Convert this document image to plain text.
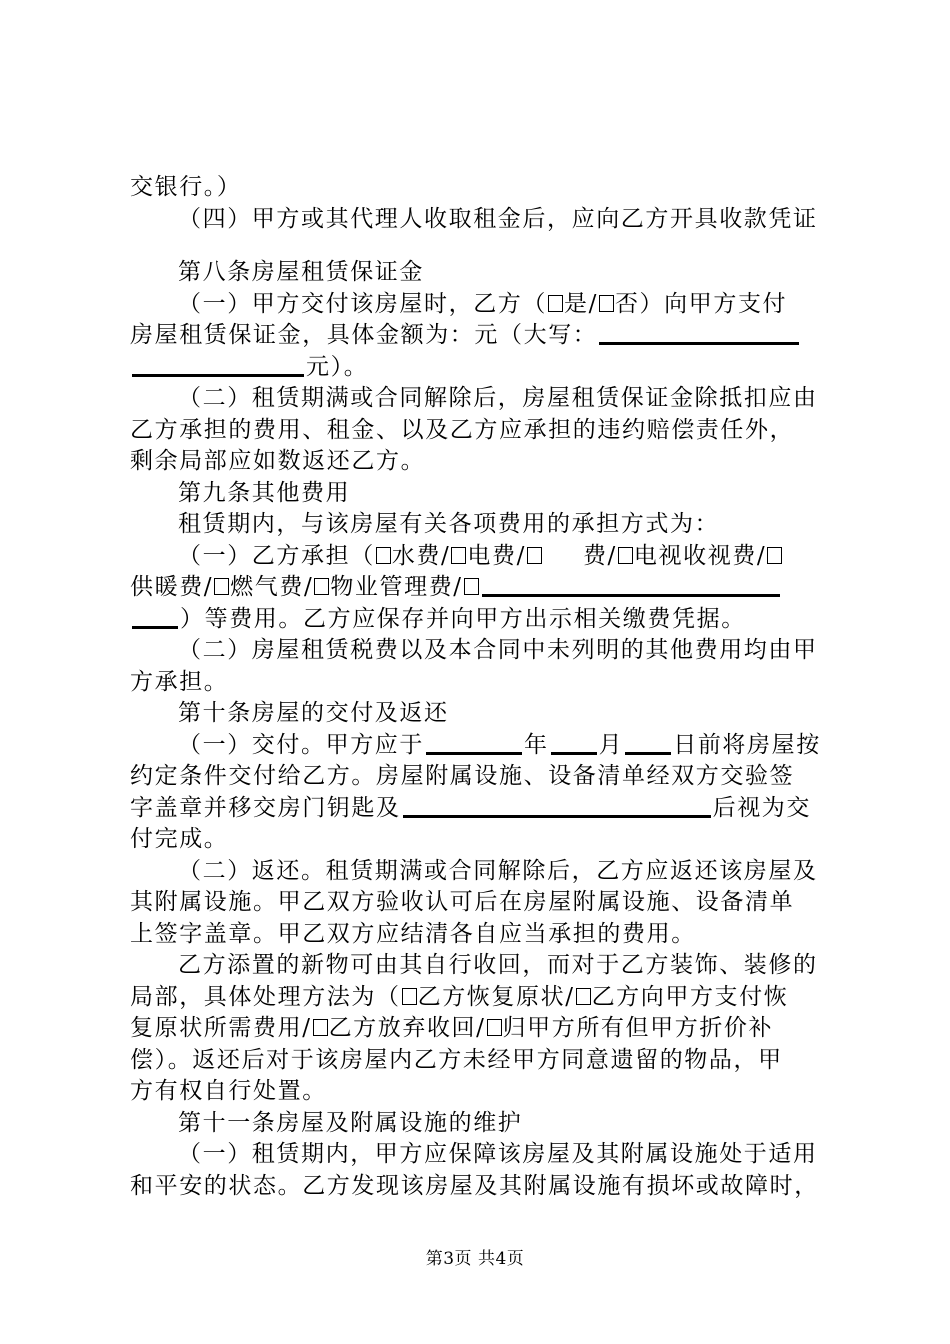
交银行。）
（四）甲方或其代理人收取租金后，应向乙方开具收款凭证
第八条房屋租赁保证金
（一）甲方交付该房屋时，乙方（ 是/ 否）向甲方支付
房屋租赁保证金，具体金额为：元（大写：
元）。
（二）租赁期满或合同解除后，房屋租赁保证金除抵扣应由
乙方承担的费用、租金、以及乙方应承担的违约赔偿责任外，
剩余局部应如数返还乙方。
第九条其他费用
租赁期内，与该房屋有关各项费用的承担方式为：
（一）乙方承担（ 水费/ 电费/ 费/ 电视收视费/
供暖费/ 燃气费/ 物业管理费/
）等费用。乙方应保存并向甲方出示相关缴费凭据。
（二）房屋租赁税费以及本合同中未列明的其他费用均由甲
方承担。
第十条房屋的交付及返还
（一）交付。甲方应于	年 月 日前将房屋按
约定条件交付给乙方。房屋附属设施、设备清单经双方交验签
字盖章并移交房门钥匙及	后视为交
付完成。
（二）返还。租赁期满或合同解除后，乙方应返还该房屋及
其附属设施。甲乙双方验收认可后在房屋附属设施、设备清单
上签字盖章。甲乙双方应结清各自应当承担的费用。
乙方添置的新物可由其自行收回，而对于乙方装饰、装修的
局部，具体处理方法为（ 乙方恢复原状/ 乙方向甲方支付恢
复原状所需费用/ 乙方放弃收回/ 归甲方所有但甲方折价补
偿）。返还后对于该房屋内乙方未经甲方同意遗留的物品，甲
方有权自行处置。
第十一条房屋及附属设施的维护
（一）租赁期内，甲方应保障该房屋及其附属设施处于适用
和平安的状态。乙方发现该房屋及其附属设施有损坏或故障时，
第3页 共4页
